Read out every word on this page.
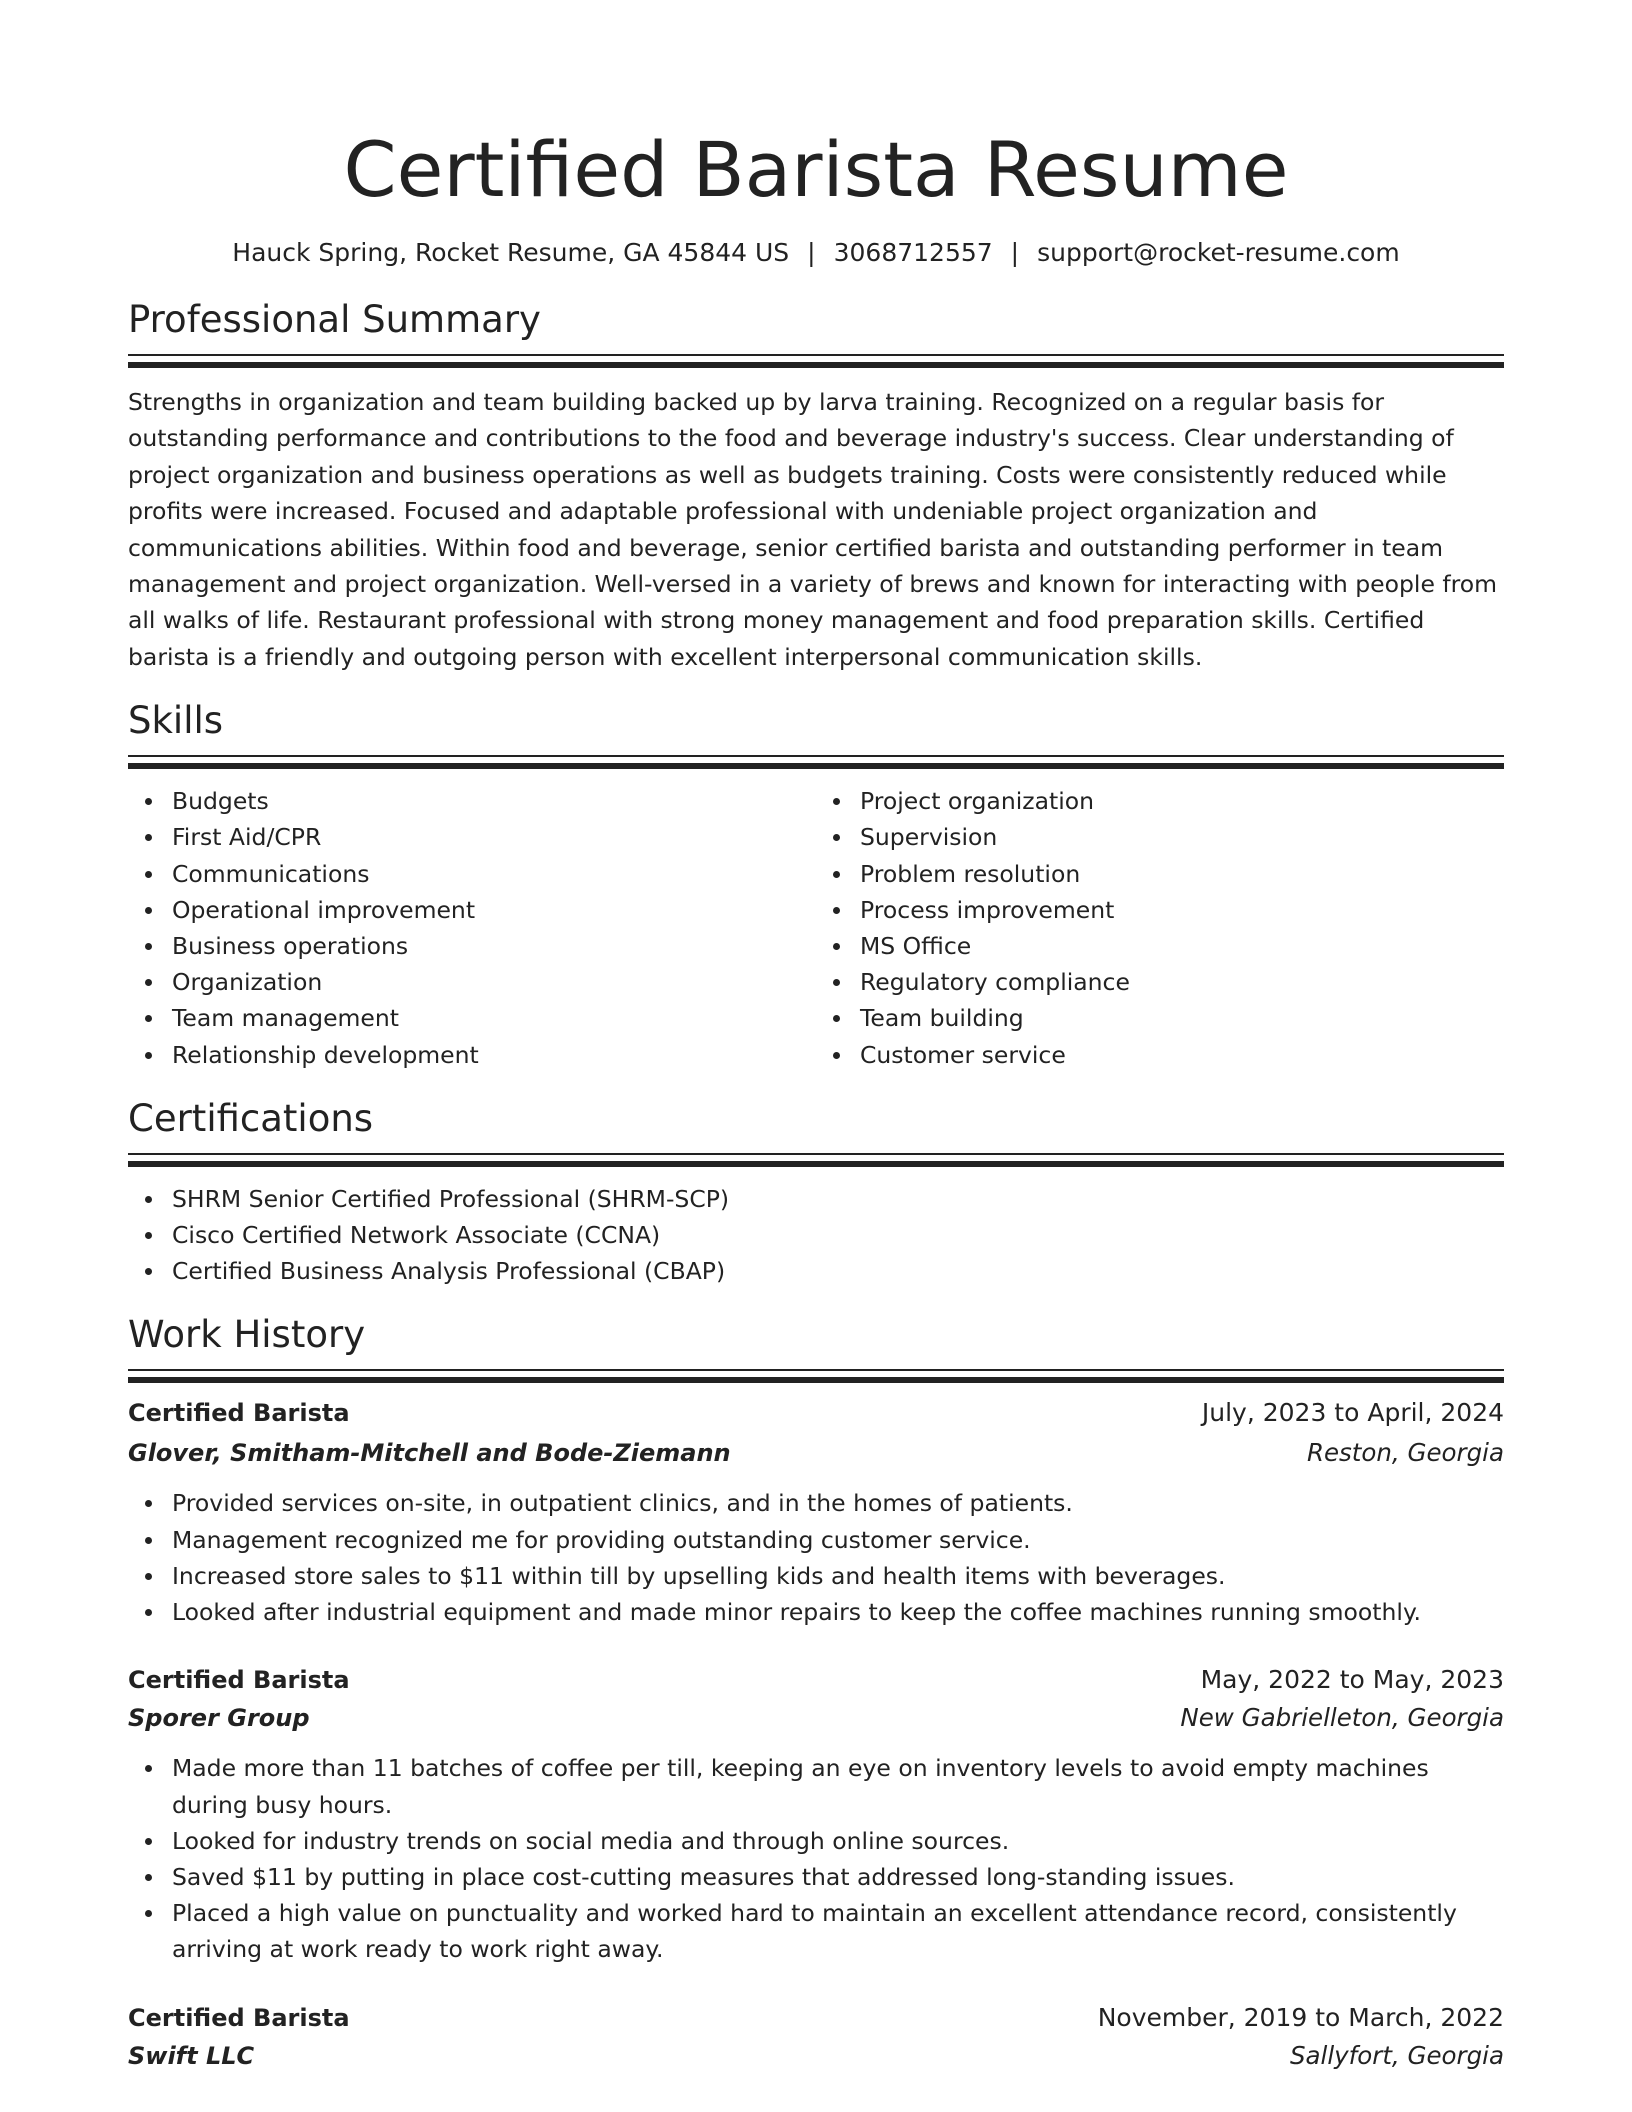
Certified Barista Resume
Hauck Spring, Rocket Resume, GA 45844 US | 3068712557 | support@rocket-resume.com
Professional Summary

Strengths in organization and team building backed up by larva training. Recognized on a regular basis for outstanding performance and contributions to the food and beverage industry's success. Clear understanding of project organization and business operations as well as budgets training. Costs were consistently reduced while profits were increased. Focused and adaptable professional with undeniable project organization and communications abilities. Within food and beverage, senior certified barista and outstanding performer in team management and project organization. Well-versed in a variety of brews and known for interacting with people from all walks of life. Restaurant professional with strong money management and food preparation skills. Certified barista is a friendly and outgoing person with excellent interpersonal communication skills.

Skills
Budgets
First Aid/CPR
Communications
Operational improvement
Business operations
Organization
Team management
Relationship development
Project organization
Supervision
Problem resolution
Process improvement
MS Office
Regulatory compliance
Team building
Customer service
Certifications
SHRM Senior Certified Professional (SHRM-SCP)
Cisco Certified Network Associate (CCNA)
Certified Business Analysis Professional (CBAP)
Work History
Certified Barista	July, 2023 to April, 2024
Glover, Smitham-Mitchell and Bode-Ziemann	Reston, Georgia
Provided services on-site, in outpatient clinics, and in the homes of patients.
Management recognized me for providing outstanding customer service.
Increased store sales to $11 within till by upselling kids and health items with beverages.
Looked after industrial equipment and made minor repairs to keep the coffee machines running smoothly.
Certified Barista	May, 2022 to May, 2023
Sporer Group	New Gabrielleton, Georgia
Made more than 11 batches of coffee per till, keeping an eye on inventory levels to avoid empty machines during busy hours.
Looked for industry trends on social media and through online sources.
Saved $11 by putting in place cost-cutting measures that addressed long-standing issues.
Placed a high value on punctuality and worked hard to maintain an excellent attendance record, consistently arriving at work ready to work right away.
Certified Barista	November, 2019 to March, 2022
Swift LLC	Sallyfort, Georgia
